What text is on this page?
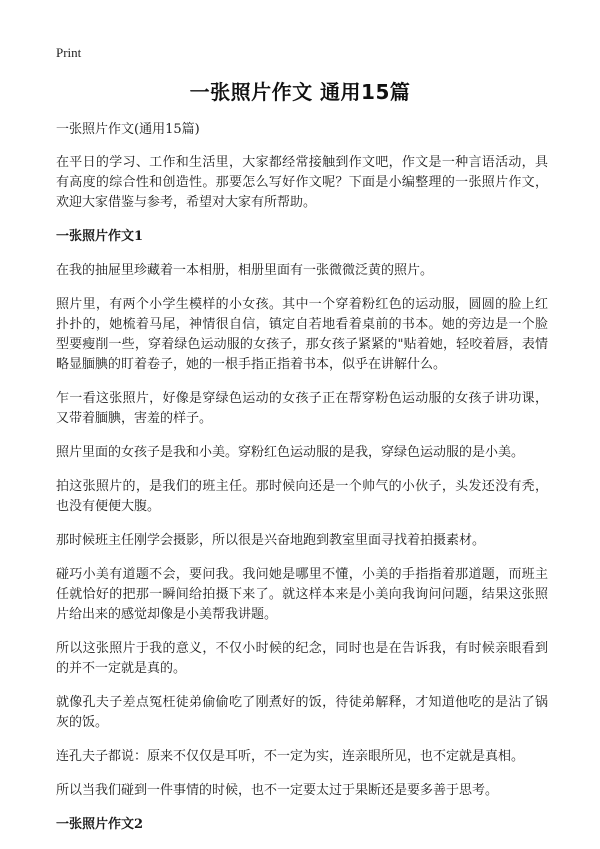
Print
一张照片作文 通用15篇

一张照片作文(通用15篇)

在平日的学习、工作和生活里，大家都经常接触到作文吧，作文是一种言语活动，具有高度的综合性和创造性。那要怎么写好作文呢？下面是小编整理的一张照片作文，欢迎大家借鉴与参考，希望对大家有所帮助。

一张照片作文1

在我的抽屉里珍藏着一本相册，相册里面有一张微微泛黄的照片。

照片里，有两个小学生模样的小女孩。其中一个穿着粉红色的运动服，圆圆的脸上红扑扑的，她梳着马尾，神情很自信，镇定自若地看着桌前的书本。她的旁边是一个脸型要瘦削一些，穿着绿色运动服的女孩子，那女孩子紧紧的"贴着她，轻咬着唇，表情略显腼腆的盯着卷子，她的一根手指正指着书本，似乎在讲解什么。

乍一看这张照片，好像是穿绿色运动的女孩子正在帮穿粉色运动服的女孩子讲功课，又带着腼腆，害羞的样子。

照片里面的女孩子是我和小美。穿粉红色运动服的是我，穿绿色运动服的是小美。

拍这张照片的，是我们的班主任。那时候向还是一个帅气的小伙子，头发还没有秃，也没有便便大腹。

那时候班主任刚学会摄影，所以很是兴奋地跑到教室里面寻找着拍摄素材。

碰巧小美有道题不会，要问我。我问她是哪里不懂，小美的手指指着那道题，而班主任就恰好的把那一瞬间给拍摄下来了。就这样本来是小美向我询问问题，结果这张照片给出来的感觉却像是小美帮我讲题。

所以这张照片于我的意义，不仅小时候的纪念，同时也是在告诉我，有时候亲眼看到的并不一定就是真的。

就像孔夫子差点冤枉徒弟偷偷吃了刚煮好的饭，待徒弟解释，才知道他吃的是沾了锅灰的饭。

连孔夫子都说：原来不仅仅是耳听，不一定为实，连亲眼所见，也不定就是真相。

所以当我们碰到一件事情的时候，也不一定要太过于果断还是要多善于思考。

一张照片作文2
